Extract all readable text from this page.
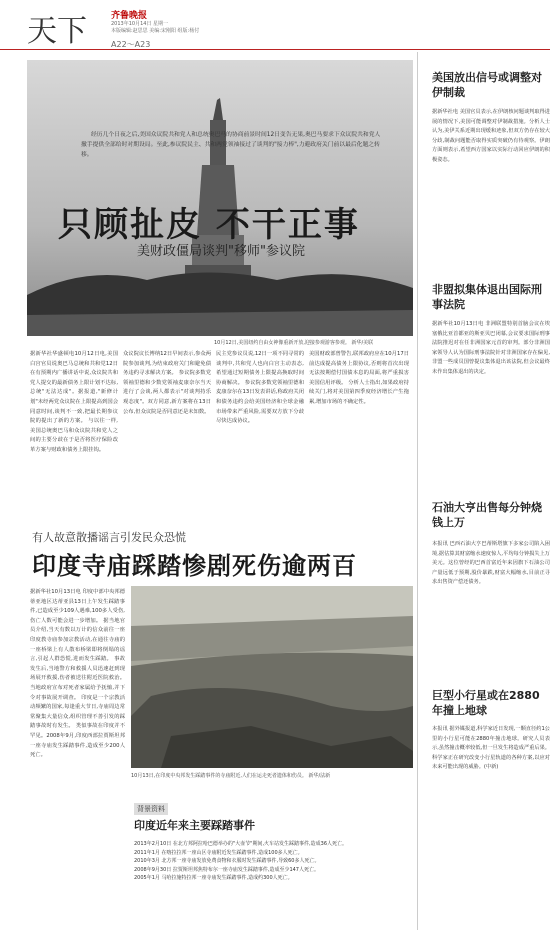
天下	齐鲁晚报
2013年10月14日 星期一
本版编辑:赵思思 美编:宋刚阳 组版:杨付
A22～A23
经历几个日夜之后,美国众议院共和党人和总统奥巴马的协商前景时间12日变告无果,奥巴马要求下众议院共和党人撤手提供全部给时对期设局。至此,参议院民主、共和两党领袖接过了谈判的"接力棒",力避政府关门前以最后化题之转移。
只顾扯皮 不干正事
美财政僵局谈判"移师"参议院
10月12日,美国纽约自由女神像重新开放,迎接参观游客参观。 新华/美联
据新华社华盛顿电10月12日电,美国白宫官员说奥巴马总统和共和党12日在有预期内广播讲话中说,众议院共和党人提交的最新债务上限计划不达标,总统"无法达成"。据报道,"新修计划"未经两党众议院在上限提高到国会同意时间,谈判不一致,把最长期参议院的提出了新的方案。 与以往一样,美国总统奥巴马和众议院共和党人之间的主要分歧在于是否将医疗保险改革方案与财政和债务上限挂钩。
众议院议长博纳12日早间表示,参众两院参加谈判,为结束政府关门和避免债务违约寻求解决方案。 参议院多数党领袖里德和少数党领袖麦康奈尔当天进行了会谈,两人都表示"对谈判持乐观态度"。双方同意,新方案将在13日公布,但众议院是否同意还是未知数。
民主党参议员说,12日一项不同寻常的谈判中,共和党人也向白宫主动表态,希望通过短期债务上限提高换取时间协商解决。 参议院多数党领袖里德和麦康奈尔在13日发表讲话,称政府关闭和债务违约会给美国经济和全球金融市场带来严重风险,需要双方放下分歧尽快达成协议。
美国财政部曾警告,联邦政府应在10月17日前达成提高债务上限协议,否则将首次出现无法按期偿付国债本息的局面,将严重损害美国信用评级。 分析人士指出,如果政府持续关门,将对美国第四季度经济增长产生拖累,增加市场的不确定性。
有人故意散播谣言引发民众恐慌
印度寺庙踩踏惨剧死伤逾两百
据新华社10月13日电 印度中部中央邦德蒂亚地区达蒂亚县13日上午发生踩踏事件,已造成至少109人遇难,100多人受伤,伤亡人数可能会进一步增加。 据当地官员介绍,当天有数以万计的信众前往一座印度教寺庙参加宗教活动,在通往寺庙的一座桥梁上有人散布桥梁即将倒塌的谣言,引起人群恐慌,进而发生踩踏。 事故发生后,当地警方和救援人员迅速赶到现场展开救援,伤者被送往附近医院救治。当地政府宣布对死者家属给予抚恤,并下令对事故展开调查。 印度是一个宗教活动频繁的国家,每逢重大节日,寺庙周边常常聚集大量信众,组织管理不善引发的踩踏事故时有发生。 类似事故在印度并不罕见。2008年9月,印度西部拉贾斯坦邦一座寺庙发生踩踏事件,造成至少200人死亡。
10月13日,在印度中央邦发生踩踏事件的寺庙附近,人们在运走死者遗体和伤员。 新华/法新
背景资料
印度近年来主要踩踏事件
2013年2月10日 在北方邦阿拉哈巴德举办的"大壶节"期间,火车站发生踩踏事件,造成36人死亡。
2011年1月 在喀拉拉邦一座山区寺庙附近发生踩踏事件,造成100多人死亡。
2010年3月 北方邦一座寺庙发放免费食物和衣服时发生踩踏事件,导致60多人死亡。
2008年9月30日 拉贾斯坦邦焦特布尔一座寺庙发生踩踏事件,造成至少147人死亡。
2005年1月 马哈拉施特拉邦一座寺庙发生踩踏事件,造成约300人死亡。
美国放出信号或调整对伊制裁
据新华社电 美国官员表示,在伊朗核问题谈判取得进展的情况下,美国可能调整对伊制裁措施。分析人士认为,美伊关系近期出现缓和迹象,但双方仍存在较大分歧,制裁问题能否取得实质突破仍有待观察。伊朗方面则表示,希望西方国家以实际行动回应伊朗的积极姿态。
非盟拟集体退出国际刑事法院
据新华社10月13日电 非洲联盟特别首脑会议在埃塞俄比亚首都亚的斯亚贝巴闭幕,会议要求国际刑事法院推迟对在任非洲国家元首的审判。部分非洲国家领导人认为国际刑事法院针对非洲国家存在偏见,非盟一些成员国曾提议集体退出该法院,但会议最终未作出集体退出的决定。
石油大亨出售每分钟烧钱上万
本报讯 巴西石油大亨巴蒂斯塔旗下多家公司陷入困境,据估算其财富缩水速度惊人,平均每分钟损失上万美元。这位曾经的巴西首富近年来因旗下石油公司产量远低于预期,股价暴跌,财富大幅缩水,目前正寻求出售资产偿还债务。
巨型小行星或在2880年撞上地球
本报讯 据外媒报道,科学家近日发现,一颗直径约1公里的小行星可能在2880年撞击地球。研究人员表示,虽然撞击概率较低,但一旦发生将造成严重后果。科学家正在研究改变小行星轨道的各种方案,以应对未来可能出现的威胁。(中新)
